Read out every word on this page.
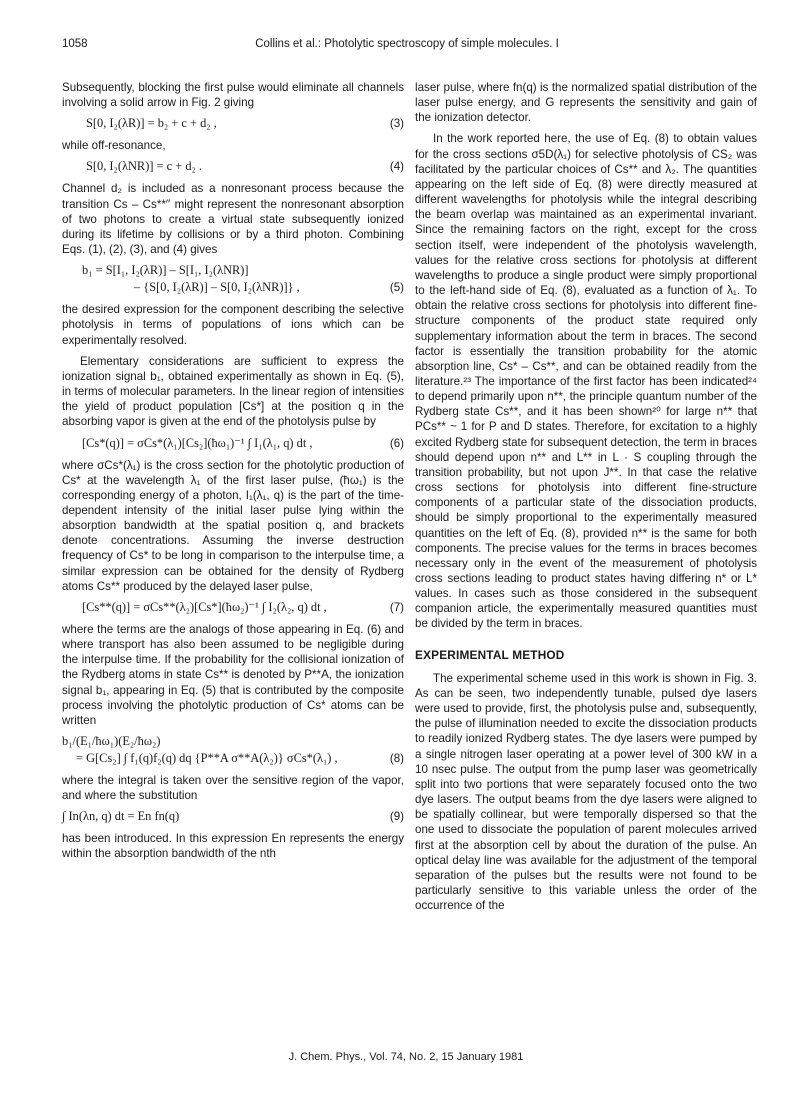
1058	Collins et al.: Photolytic spectroscopy of simple molecules. I

Subsequently, blocking the first pulse would eliminate all channels involving a solid arrow in Fig. 2 giving

S[0, I₂(λR)] = b₂ + c + d₂ ,	(3)

while off-resonance,

S[0, I₂(λNR)] = c + d₂ .	(4)

Channel d₂ is included as a nonresonant process because the transition Cs – Cs**′′ might represent the nonresonant absorption of two photons to create a virtual state subsequently ionized during its lifetime by collisions or by a third photon. Combining Eqs. (1), (2), (3), and (4) gives

b₁ = S[I₁, I₂(λR)] – S[I₁, I₂(λNR)]
– {S[0, I₂(λR)] – S[0, I₂(λNR)]} ,	(5)

the desired expression for the component describing the selective photolysis in terms of populations of ions which can be experimentally resolved.

Elementary considerations are sufficient to express the ionization signal b₁, obtained experimentally as shown in Eq. (5), in terms of molecular parameters. In the linear region of intensities the yield of product population [Cs*] at the position q in the absorbing vapor is given at the end of the photolysis pulse by

[Cs*(q)] = σCs*(λ₁)[Cs₂](ħω₁)⁻¹ ∫ I₁(λ₁, q) dt ,	(6)

where σCs*(λ₁) is the cross section for the photolytic production of Cs* at the wavelength λ₁ of the first laser pulse, (ħω₁) is the corresponding energy of a photon, I₁(λ₁, q) is the part of the time-dependent intensity of the initial laser pulse lying within the absorption bandwidth at the spatial position q, and brackets denote concentrations. Assuming the inverse destruction frequency of Cs* to be long in comparison to the interpulse time, a similar expression can be obtained for the density of Rydberg atoms Cs** produced by the delayed laser pulse,

[Cs**(q)] = σCs**(λ₂)[Cs*](ħω₂)⁻¹ ∫ I₂(λ₂, q) dt ,	(7)

where the terms are the analogs of those appearing in Eq. (6) and where transport has also been assumed to be negligible during the interpulse time. If the probability for the collisional ionization of the Rydberg atoms in state Cs** is denoted by P**A, the ionization signal b₁, appearing in Eq. (5) that is contributed by the composite process involving the photolytic production of Cs* atoms can be written

b₁/(E₁/ħω₁)(E₂/ħω₂)
= G[Cs₂] ∫ f₁(q)f₂(q) dq {P**A σ**A(λ₂)} σCs*(λ₁) ,	(8)

where the integral is taken over the sensitive region of the vapor, and where the substitution

∫ In(λn, q) dt = En fn(q)	(9)

has been introduced. In this expression En represents the energy within the absorption bandwidth of the nth

laser pulse, where fn(q) is the normalized spatial distribution of the laser pulse energy, and G represents the sensitivity and gain of the ionization detector.

In the work reported here, the use of Eq. (8) to obtain values for the cross sections σ5D(λ₁) for selective photolysis of CS₂ was facilitated by the particular choices of Cs** and λ₂. The quantities appearing on the left side of Eq. (8) were directly measured at different wavelengths for photolysis while the integral describing the beam overlap was maintained as an experimental invariant. Since the remaining factors on the right, except for the cross section itself, were independent of the photolysis wavelength, values for the relative cross sections for photolysis at different wavelengths to produce a single product were simply proportional to the left-hand side of Eq. (8), evaluated as a function of λ₁. To obtain the relative cross sections for photolysis into different fine-structure components of the product state required only supplementary information about the term in braces. The second factor is essentially the transition probability for the atomic absorption line, Cs* – Cs**, and can be obtained readily from the literature.²³ The importance of the first factor has been indicated²⁴ to depend primarily upon n**, the principle quantum number of the Rydberg state Cs**, and it has been shown²⁰ for large n** that PCs** ~ 1 for P and D states. Therefore, for excitation to a highly excited Rydberg state for subsequent detection, the term in braces should depend upon n** and L** in L · S coupling through the transition probability, but not upon J**. In that case the relative cross sections for photolysis into different fine-structure components of a particular state of the dissociation products, should be simply proportional to the experimentally measured quantities on the left of Eq. (8), provided n** is the same for both components. The precise values for the terms in braces becomes necessary only in the event of the measurement of photolysis cross sections leading to product states having differing n* or L* values. In cases such as those considered in the subsequent companion article, the experimentally measured quantities must be divided by the term in braces.

EXPERIMENTAL METHOD

The experimental scheme used in this work is shown in Fig. 3. As can be seen, two independently tunable, pulsed dye lasers were used to provide, first, the photolysis pulse and, subsequently, the pulse of illumination needed to excite the dissociation products to readily ionized Rydberg states. The dye lasers were pumped by a single nitrogen laser operating at a power level of 300 kW in a 10 nsec pulse. The output from the pump laser was geometrically split into two portions that were separately focused onto the two dye lasers. The output beams from the dye lasers were aligned to be spatially collinear, but were temporally dispersed so that the one used to dissociate the population of parent molecules arrived first at the absorption cell by about the duration of the pulse. An optical delay line was available for the adjustment of the temporal separation of the pulses but the results were not found to be particularly sensitive to this variable unless the order of the occurrence of the

J. Chem. Phys., Vol. 74, No. 2, 15 January 1981
